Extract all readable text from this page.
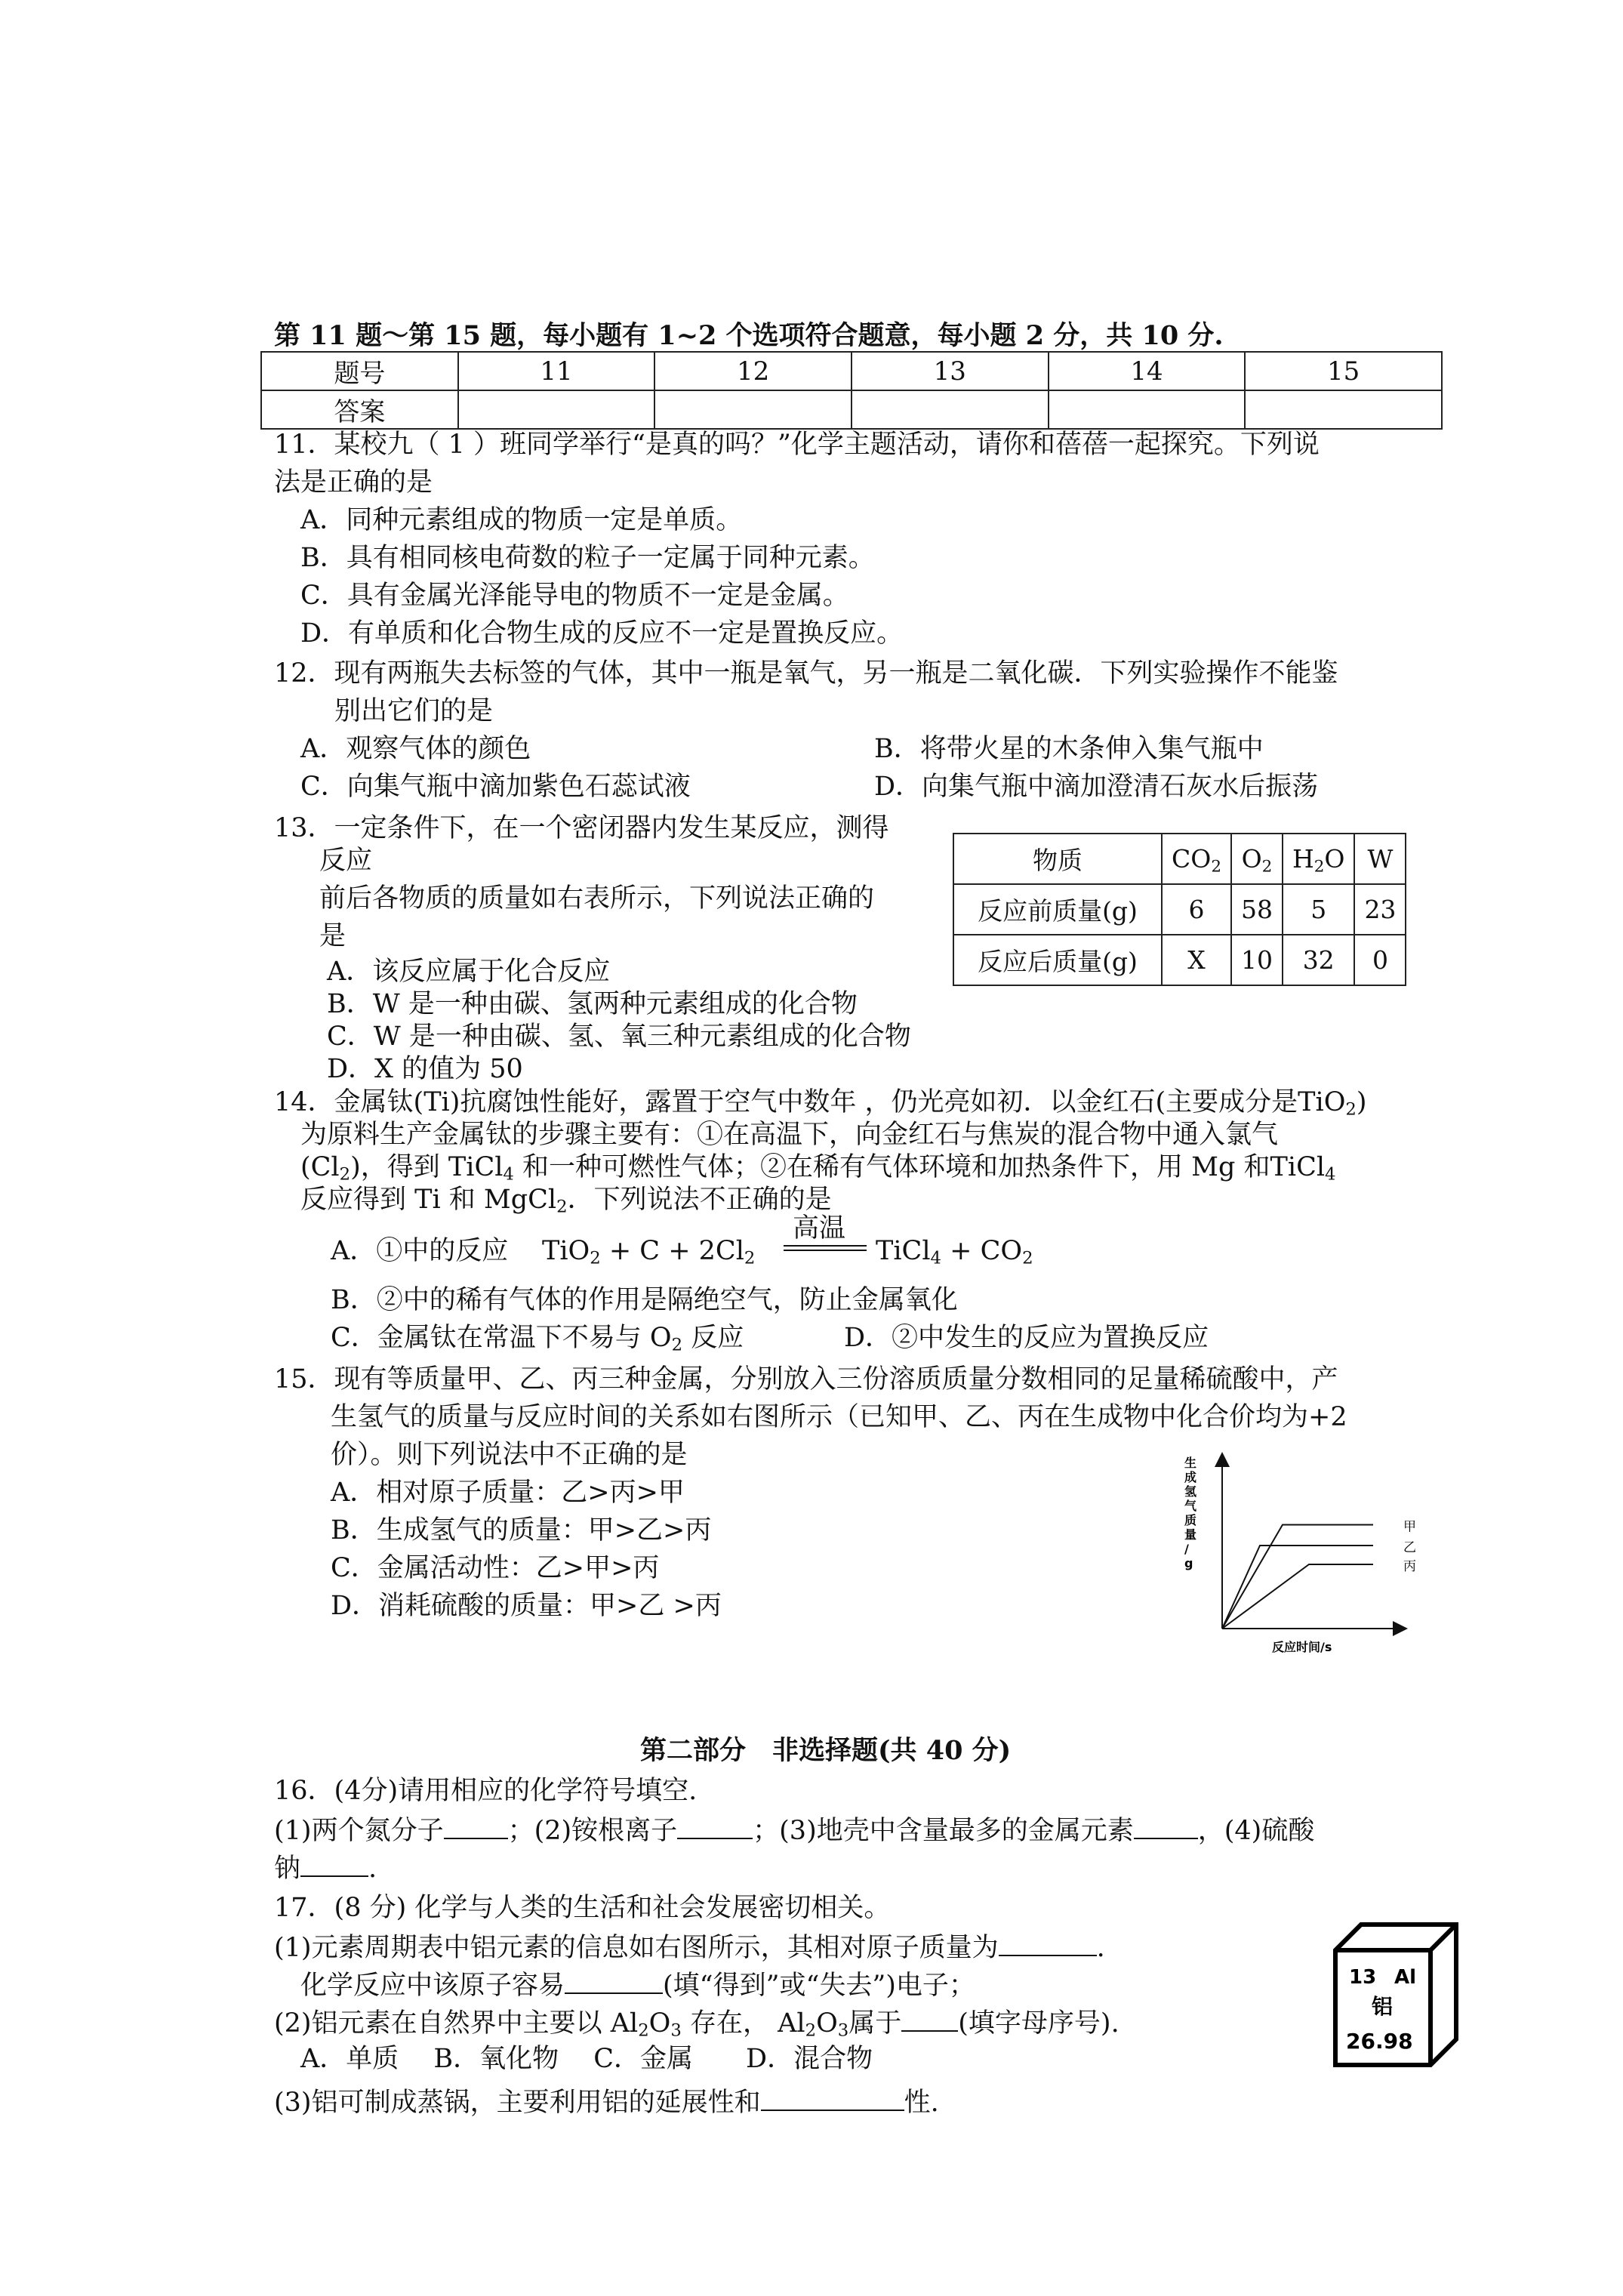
第 11 题～第 15 题，每小题有 1~2 个选项符合题意，每小题 2 分，共 10 分.
题号	11	12	13	14	15
答案					
11．某校九（ 1 ）班同学举行“是真的吗？”化学主题活动，请你和蓓蓓一起探究。下列说
法是正确的是
A．同种元素组成的物质一定是单质。
B．具有相同核电荷数的粒子一定属于同种元素。
C．具有金属光泽能导电的物质不一定是金属。
D．有单质和化合物生成的反应不一定是置换反应。
12．现有两瓶失去标签的气体，其中一瓶是氧气，另一瓶是二氧化碳．下列实验操作不能鉴
别出它们的是
A．观察气体的颜色	B．将带火星的木条伸入集气瓶中
C．向集气瓶中滴加紫色石蕊试液	D．向集气瓶中滴加澄清石灰水后振荡
13．一定条件下，在一个密闭器内发生某反应，测得
反应
前后各物质的质量如右表所示，下列说法正确的
是
A．该反应属于化合反应
B．W 是一种由碳、氢两种元素组成的化合物
C．W 是一种由碳、氢、氧三种元素组成的化合物
D．X 的值为 50
物质	$CO_2$	$O_2$	$H_2O$	W
反应前质量(g)	6	58	5	23
反应后质量(g)	X	10	32	0
14．金属钛(Ti)抗腐蚀性能好，露置于空气中数年 ，仍光亮如初．以金红石(主要成分是TiO$_2$)
为原料生产金属钛的步骤主要有：①在高温下，向金红石与焦炭的混合物中通入氯气
$(Cl_2)$，得到 TiCl$_4$ 和一种可燃性气体；②在稀有气体环境和加热条件下，用 Mg 和TiCl$_4$
反应得到 Ti 和 MgCl$_2$．下列说法不正确的是
A．①中的反应 $TiO_2 + C + 2Cl_2$
高温
TiCl$_4$ + $CO_2$
B．②中的稀有气体的作用是隔绝空气，防止金属氧化
C．金属钛在常温下不易与 $O_2$ 反应	D．②中发生的反应为置换反应
15．现有等质量甲、乙、丙三种金属，分别放入三份溶质质量分数相同的足量稀硫酸中，产
生氢气的质量与反应时间的关系如右图所示（已知甲、乙、丙在生成物中化合价均为+2
价）。则下列说法中不正确的是
A．相对原子质量：乙>丙>甲
B．生成氢气的质量：甲>乙>丙
C．金属活动性：乙>甲>丙
D．消耗硫酸的质量：甲>乙 >丙
生成氢气质量/ g
反应时间/s
甲
乙
丙
第二部分　非选择题(共 40 分)
16．(4分)请用相应的化学符号填空.
(1)两个氮分子 ；(2)铵根离子	；(3)地壳中含量最多的金属元素 ，(4)硫酸
钠	.
17．(8 分) 化学与人类的生活和社会发展密切相关。
(1)元素周期表中铝元素的信息如右图所示，其相对原子质量为	.
化学反应中该原子容易	(填“得到”或“失去”)电子；
(2)铝元素在自然界中主要以 $Al_2O_3$ 存在， $Al_2O_3$属于 (填字母序号).
A．单质　 B．氧化物　 C．金属　　D．混合物
(3)铝可制成蒸锅，主要利用铝的延展性和	性.
13 Al
铝
26.98
